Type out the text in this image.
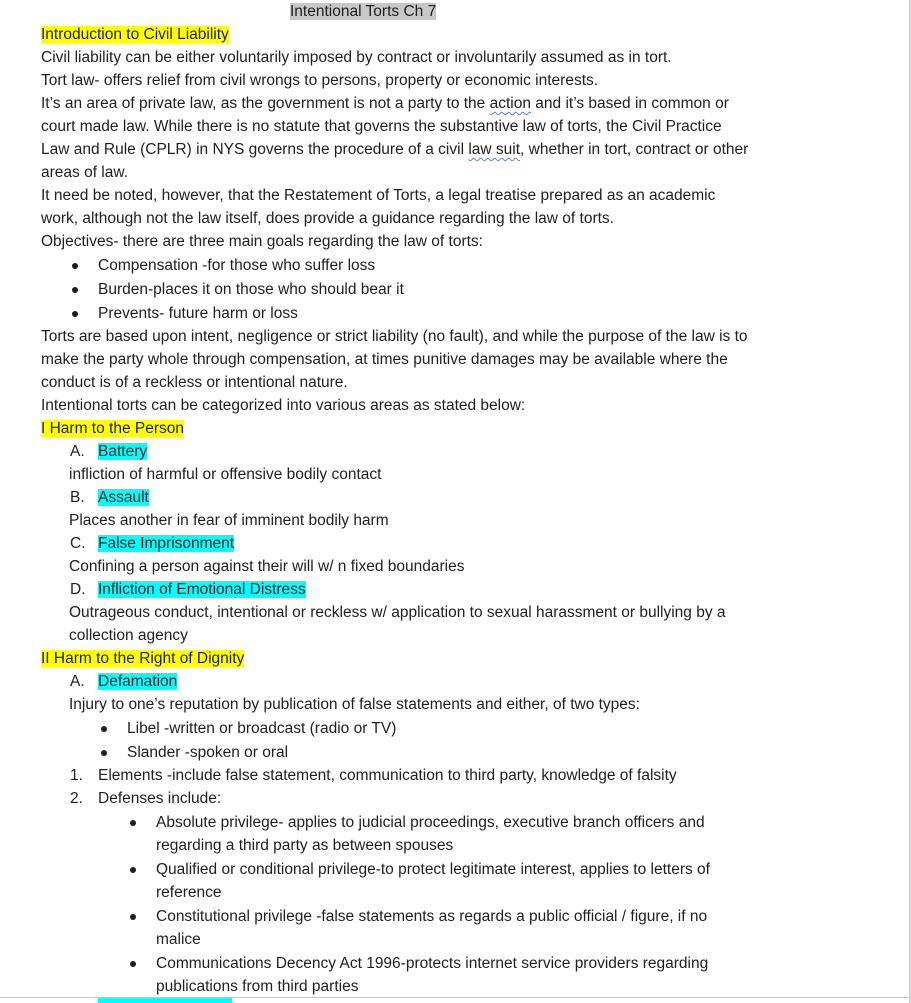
Intentional Torts Ch 7
Introduction to Civil Liability
Civil liability can be either voluntarily imposed by contract or involuntarily assumed as in tort.
Tort law- offers relief from civil wrongs to persons, property or economic interests.
It’s an area of private law, as the government is not a party to the action and it’s based in common or
court made law. While there is no statute that governs the substantive law of torts, the Civil Practice
Law and Rule (CPLR) in NYS governs the procedure of a civil law suit, whether in tort, contract or other
areas of law.
It need be noted, however, that the Restatement of Torts, a legal treatise prepared as an academic
work, although not the law itself, does provide a guidance regarding the law of torts.
Objectives- there are three main goals regarding the law of torts:
Compensation -for those who suffer loss
Burden-places it on those who should bear it
Prevents- future harm or loss
Torts are based upon intent, negligence or strict liability (no fault), and while the purpose of the law is to
make the party whole through compensation, at times punitive damages may be available where the
conduct is of a reckless or intentional nature.
Intentional torts can be categorized into various areas as stated below:
I Harm to the Person
A. Battery
infliction of harmful or offensive bodily contact
B. Assault
Places another in fear of imminent bodily harm
C. False Imprisonment
Confining a person against their will w/ n fixed boundaries
D. Infliction of Emotional Distress
Outrageous conduct, intentional or reckless w/ application to sexual harassment or bullying by a
collection agency
II Harm to the Right of Dignity
A. Defamation
Injury to one’s reputation by publication of false statements and either, of two types:
Libel -written or broadcast (radio or TV)
Slander -spoken or oral
1. Elements -include false statement, communication to third party, knowledge of falsity
2. Defenses include:
Absolute privilege- applies to judicial proceedings, executive branch officers and
regarding a third party as between spouses
Qualified or conditional privilege-to protect legitimate interest, applies to letters of
reference
Constitutional privilege -false statements as regards a public official / figure, if no
malice
Communications Decency Act 1996-protects internet service providers regarding
publications from third parties
